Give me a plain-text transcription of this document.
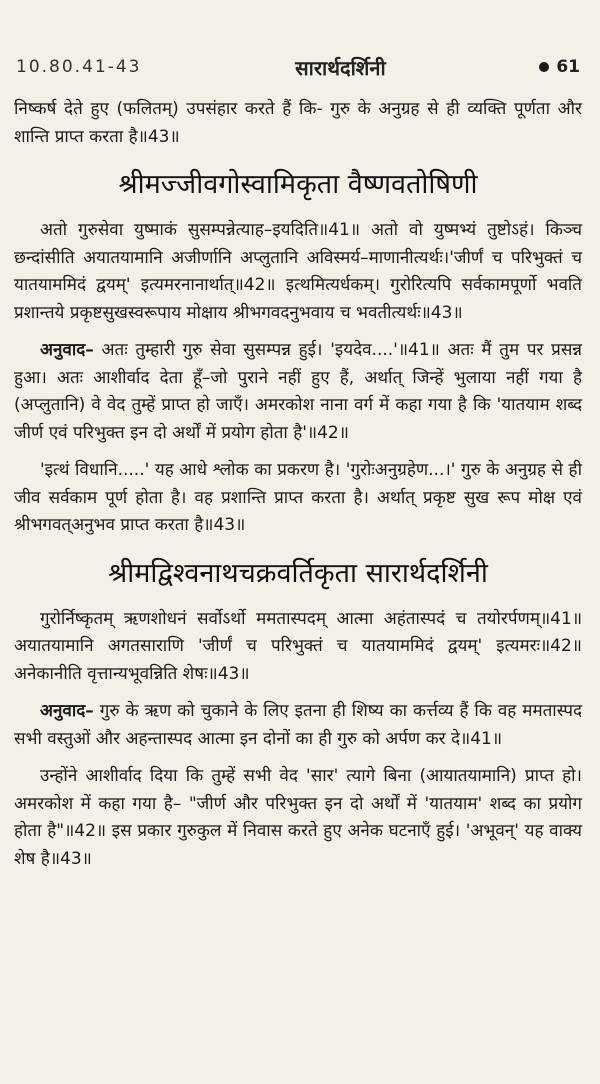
10.80.41-43	सारार्थदर्शिनी	61

निष्कर्ष देते हुए (फलितम्) उपसंहार करते हैं कि- गुरु के अनुग्रह से ही व्यक्ति पूर्णता और शान्ति प्राप्त करता है॥43॥

श्रीमज्जीवगोस्वामिकृता वैष्णवतोषिणी

अतो गुरुसेवा युष्माकं सुसम्पन्नेत्याह–इयदिति॥41॥ अतो वो युष्मभ्यं तुष्टोऽहं। किञ्च छन्दांसीति अयातयामानि अजीर्णानि अप्लुतानि अविस्मर्य–माणानीत्यर्थः।'जीर्णं च परिभुक्तं च यातयाममिदं द्वयम्' इत्यमरनानार्थात्॥42॥ इत्थमित्यर्धकम्। गुरोरित्यपि सर्वकामपूर्णो भवति प्रशान्तये प्रकृष्टसुखस्वरूपाय मोक्षाय श्रीभगवदनुभवाय च भवतीत्यर्थः॥43॥

अनुवाद– अतः तुम्हारी गुरु सेवा सुसम्पन्न हुई। 'इयदेव....'॥41॥ अतः मैं तुम पर प्रसन्न हुआ। अतः आशीर्वाद देता हूँ–जो पुराने नहीं हुए हैं, अर्थात् जिन्हें भुलाया नहीं गया है (अप्लुतानि) वे वेद तुम्हें प्राप्त हो जाएँ। अमरकोश नाना वर्ग में कहा गया है कि 'यातयाम शब्द जीर्ण एवं परिभुक्त इन दो अर्थों में प्रयोग होता है'॥42॥

'इत्थं विधानि.....' यह आधे श्लोक का प्रकरण है। 'गुरोःअनुग्रहेण...।' गुरु के अनुग्रह से ही जीव सर्वकाम पूर्ण होता है। वह प्रशान्ति प्राप्त करता है। अर्थात् प्रकृष्ट सुख रूप मोक्ष एवं श्रीभगवत्अनुभव प्राप्त करता है॥43॥

श्रीमद्विश्वनाथचक्रवर्तिकृता सारार्थदर्शिनी

गुरोर्निष्कृतम् ऋणशोधनं सर्वोऽर्थो ममतास्पदम् आत्मा अहंतास्पदं च तयोरर्पणम्॥41॥ अयातयामानि अगतसाराणि 'जीर्णं च परिभुक्तं च यातयाममिदं द्वयम्' इत्यमरः॥42॥ अनेकानीति वृत्तान्यभूवन्निति शेषः॥43॥

अनुवाद– गुरु के ऋण को चुकाने के लिए इतना ही शिष्य का कर्त्तव्य हैं कि वह ममतास्पद सभी वस्तुओं और अहन्तास्पद आत्मा इन दोनों का ही गुरु को अर्पण कर दे॥41॥

उन्होंने आशीर्वाद दिया कि तुम्हें सभी वेद 'सार' त्यागे बिना (आयातयामानि) प्राप्त हो। अमरकोश में कहा गया है– "जीर्ण और परिभुक्त इन दो अर्थों में 'यातयाम' शब्द का प्रयोग होता है"॥42॥ इस प्रकार गुरुकुल में निवास करते हुए अनेक घटनाएँ हुई। 'अभूवन्' यह वाक्य शेष है॥43॥
